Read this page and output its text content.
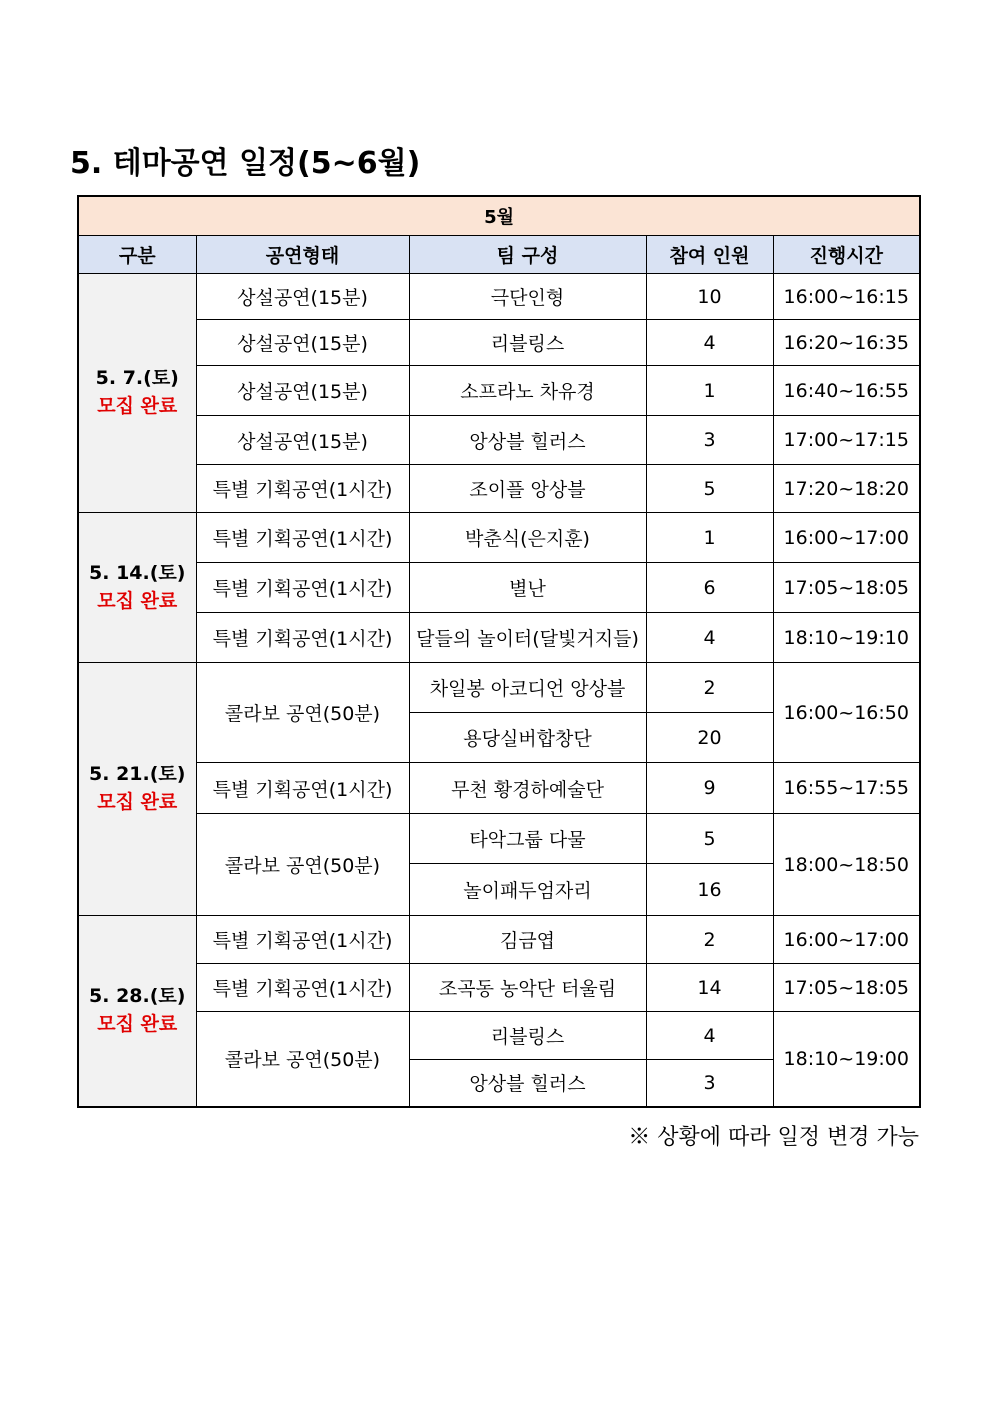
5. 테마공연 일정(5~6월)
5월				
구분	공연형태	팀 구성	참여 인원	진행시간

5. 7.(토)
모집 완료	상설공연(15분)	극단인형	10	16:00~16:15
	상설공연(15분)	리블링스	4	16:20~16:35
	상설공연(15분)	소프라노 차유경	1	16:40~16:55
	상설공연(15분)	앙상블 힐러스	3	17:00~17:15
	특별 기획공연(1시간)	조이플 앙상블	5	17:20~18:20

5. 14.(토)
모집 완료	특별 기획공연(1시간)	박춘식(은지훈)	1	16:00~17:00
	특별 기획공연(1시간)	별난	6	17:05~18:05
	특별 기획공연(1시간)	달들의 놀이터(달빛거지들)	4	18:10~19:10

5. 21.(토)
모집 완료	콜라보 공연(50분)	차일봉 아코디언 앙상블	2	16:00~16:50
		용당실버합창단	20	
	특별 기획공연(1시간)	무천 황경하예술단	9	16:55~17:55
	콜라보 공연(50분)	타악그룹 다물	5	18:00~18:50
		놀이패두엄자리	16	

5. 28.(토)
모집 완료	특별 기획공연(1시간)	김금엽	2	16:00~17:00
	특별 기획공연(1시간)	조곡동 농악단 터울림	14	17:05~18:05
	콜라보 공연(50분)	리블링스	4	18:10~19:00
		앙상블 힐러스	3	
※ 상황에 따라 일정 변경 가능
